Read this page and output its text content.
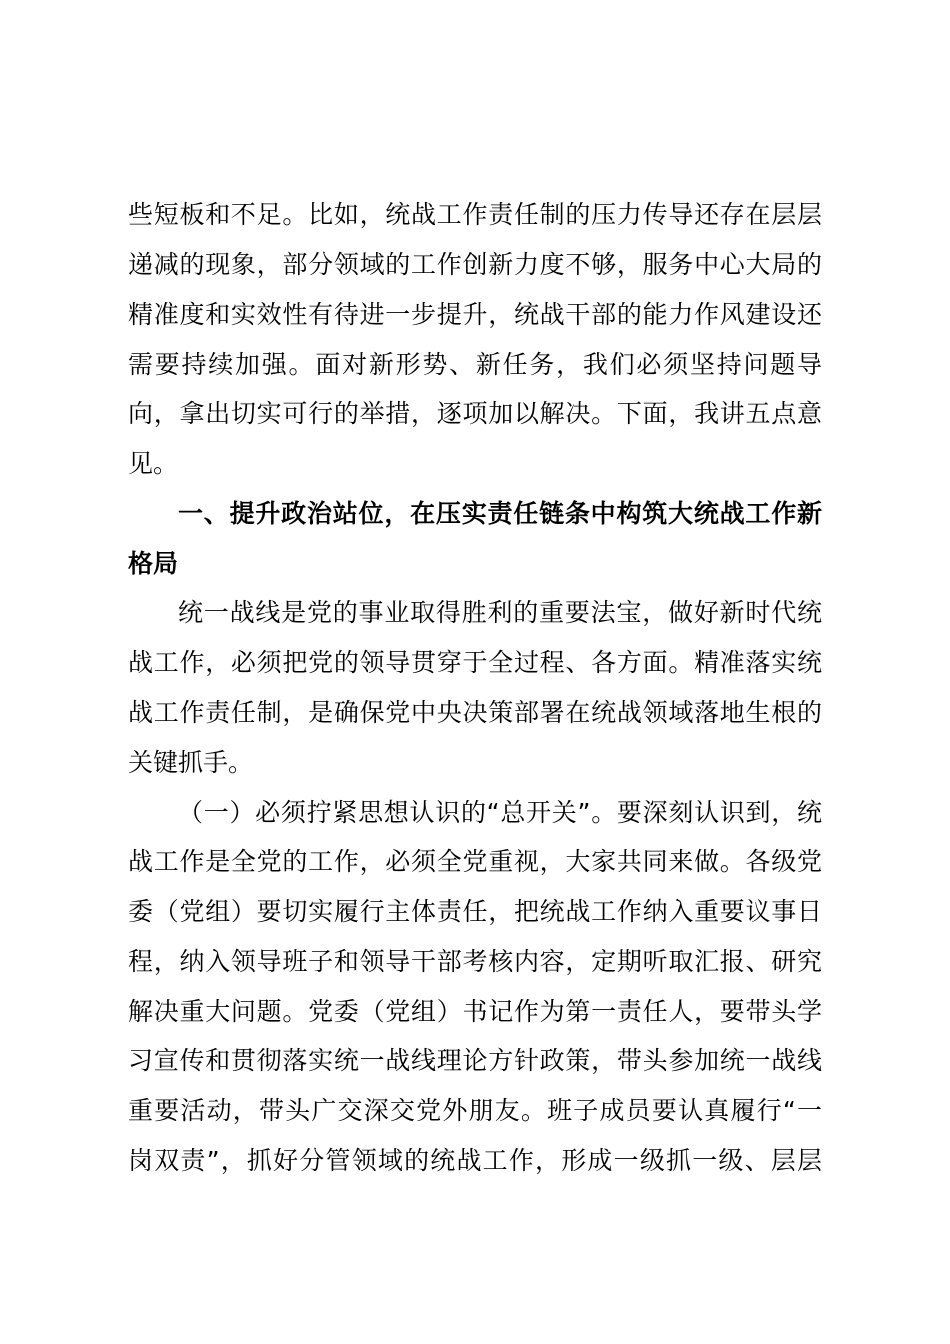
些短板和不足。比如，统战工作责任制的压力传导还存在层层
递减的现象，部分领域的工作创新力度不够，服务中心大局的
精准度和实效性有待进一步提升，统战干部的能力作风建设还
需要持续加强。面对新形势、新任务，我们必须坚持问题导
向，拿出切实可行的举措，逐项加以解决。下面，我讲五点意
见。
一、提升政治站位，在压实责任链条中构筑大统战工作新
格局
统一战线是党的事业取得胜利的重要法宝，做好新时代统
战工作，必须把党的领导贯穿于全过程、各方面。精准落实统
战工作责任制，是确保党中央决策部署在统战领域落地生根的
关键抓手。
（一）必须拧紧思想认识的“总开关”。要深刻认识到，统
战工作是全党的工作，必须全党重视，大家共同来做。各级党
委（党组）要切实履行主体责任，把统战工作纳入重要议事日
程，纳入领导班子和领导干部考核内容，定期听取汇报、研究
解决重大问题。党委（党组）书记作为第一责任人，要带头学
习宣传和贯彻落实统一战线理论方针政策，带头参加统一战线
重要活动，带头广交深交党外朋友。班子成员要认真履行“一
岗双责”，抓好分管领域的统战工作，形成一级抓一级、层层
